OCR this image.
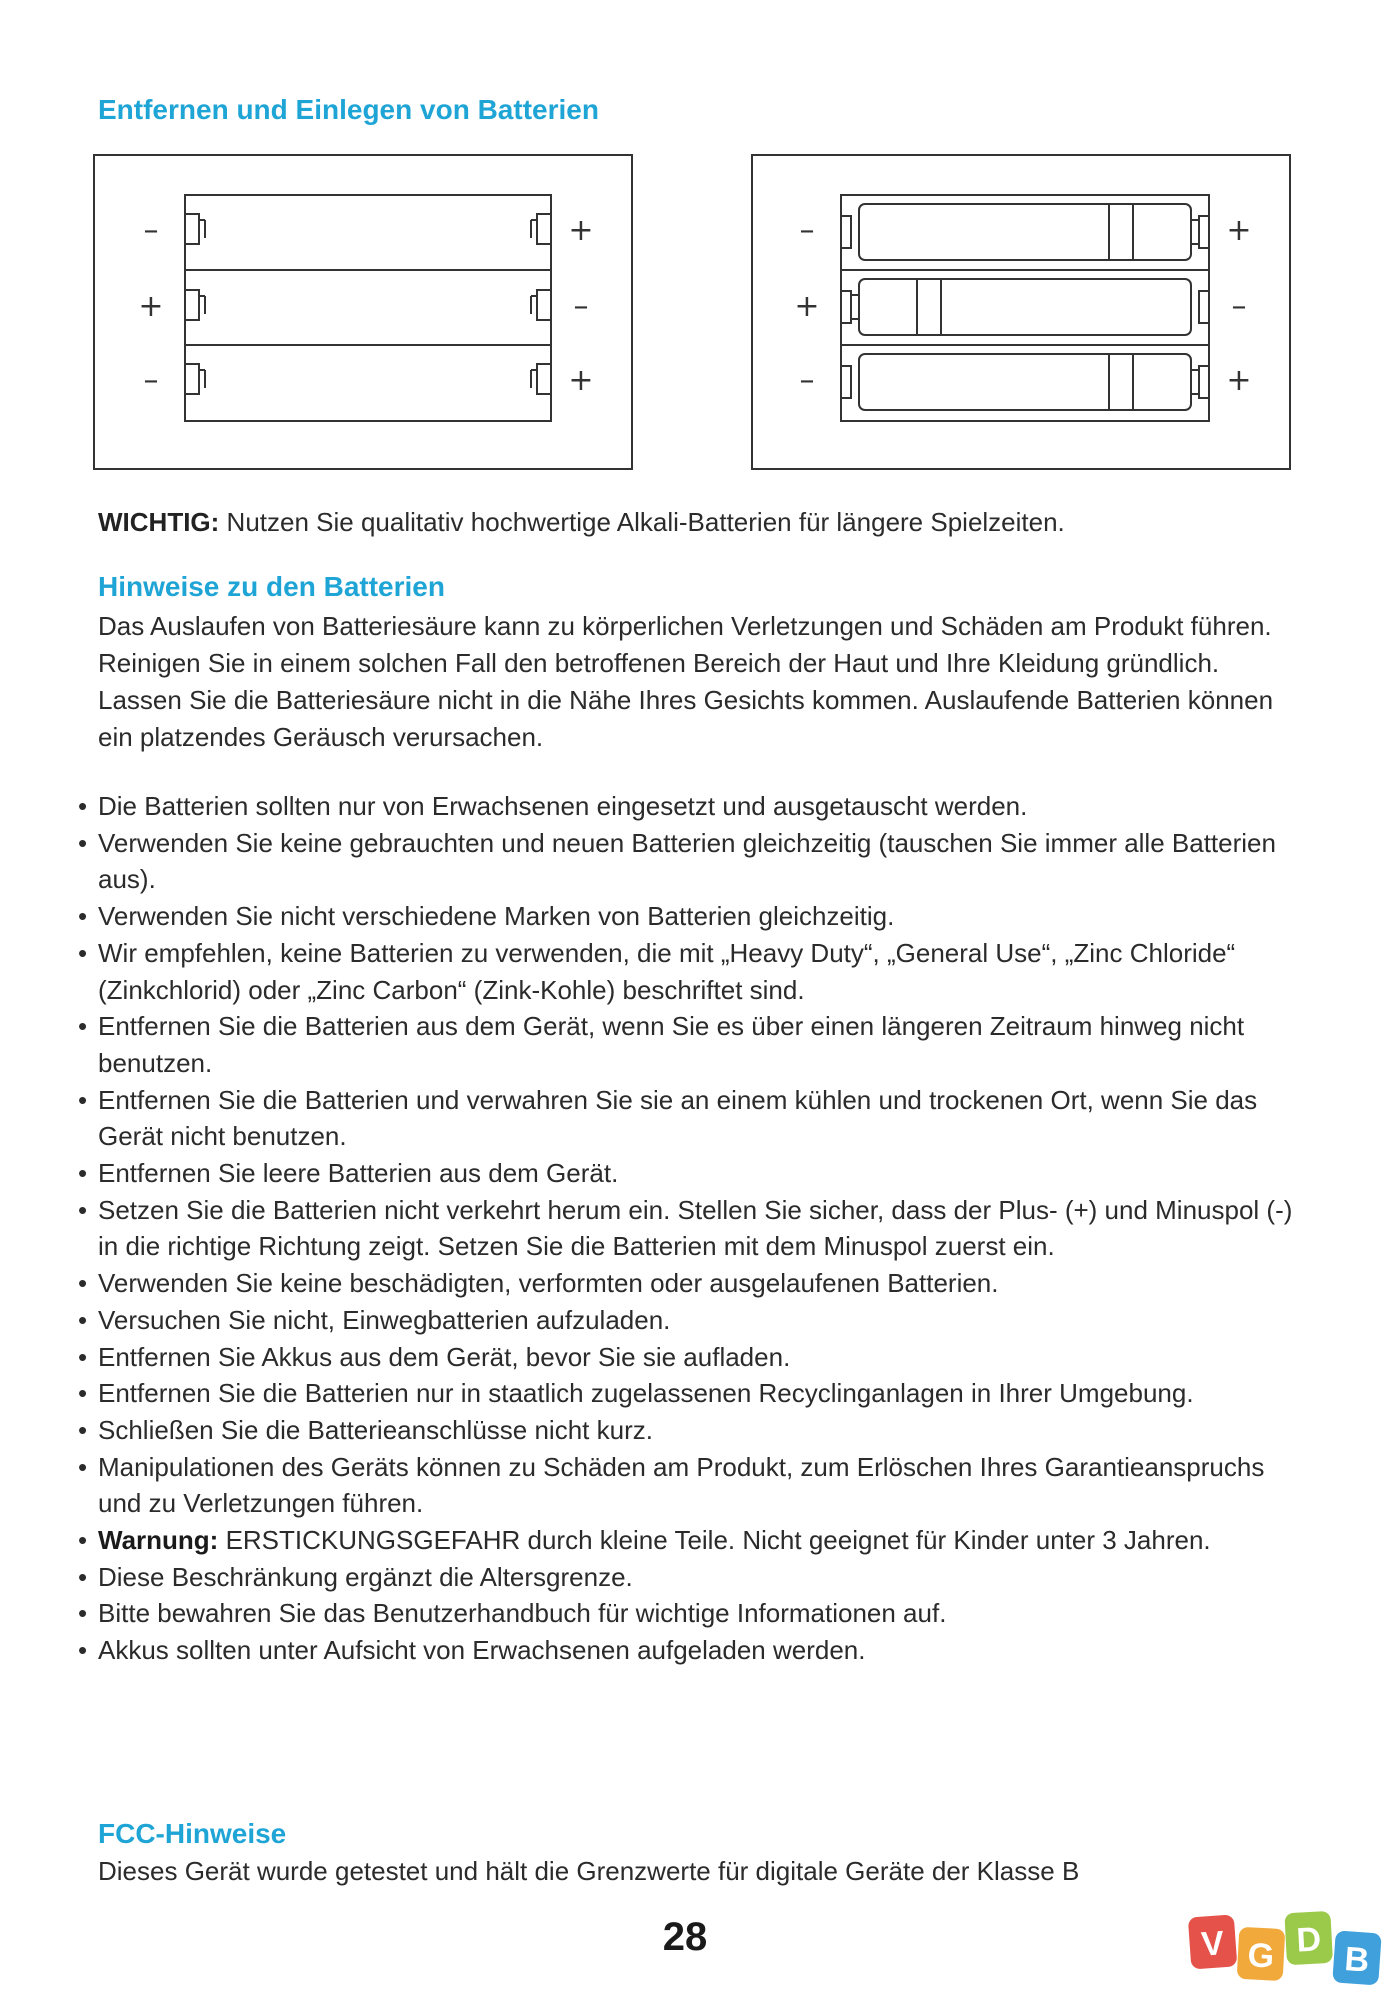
Entfernen und Einlegen von Batterien
–
+
–
+
–
+
–
+
–
+
–
+

WICHTIG: Nutzen Sie qualitativ hochwertige Alkali-Batterien für längere Spielzeiten.

Hinweise zu den Batterien

Das Auslaufen von Batteriesäure kann zu körperlichen Verletzungen und Schäden am Produkt führen. Reinigen Sie in einem solchen Fall den betroffenen Bereich der Haut und Ihre Kleidung gründlich. Lassen Sie die Batteriesäure nicht in die Nähe Ihres Gesichts kommen. Auslaufende Batterien können ein platzendes Geräusch verursachen.

• Die Batterien sollten nur von Erwachsenen eingesetzt und ausgetauscht werden.
• Verwenden Sie keine gebrauchten und neuen Batterien gleichzeitig (tauschen Sie immer alle Batterien aus).
• Verwenden Sie nicht verschiedene Marken von Batterien gleichzeitig.
• Wir empfehlen, keine Batterien zu verwenden, die mit „Heavy Duty“, „General Use“, „Zinc Chloride“ (Zinkchlorid) oder „Zinc Carbon“ (Zink-Kohle) beschriftet sind.
• Entfernen Sie die Batterien aus dem Gerät, wenn Sie es über einen längeren Zeitraum hinweg nicht benutzen.
• Entfernen Sie die Batterien und verwahren Sie sie an einem kühlen und trockenen Ort, wenn Sie das Gerät nicht benutzen.
• Entfernen Sie leere Batterien aus dem Gerät.
• Setzen Sie die Batterien nicht verkehrt herum ein. Stellen Sie sicher, dass der Plus- (+) und Minuspol (-) in die richtige Richtung zeigt. Setzen Sie die Batterien mit dem Minuspol zuerst ein.
• Verwenden Sie keine beschädigten, verformten oder ausgelaufenen Batterien.
• Versuchen Sie nicht, Einwegbatterien aufzuladen.
• Entfernen Sie Akkus aus dem Gerät, bevor Sie sie aufladen.
• Entfernen Sie die Batterien nur in staatlich zugelassenen Recyclinganlagen in Ihrer Umgebung.
• Schließen Sie die Batterieanschlüsse nicht kurz.
• Manipulationen des Geräts können zu Schäden am Produkt, zum Erlöschen Ihres Garantieanspruchs und zu Verletzungen führen.
• Warnung: ERSTICKUNGSGEFAHR durch kleine Teile. Nicht geeignet für Kinder unter 3 Jahren.
• Diese Beschränkung ergänzt die Altersgrenze.
• Bitte bewahren Sie das Benutzerhandbuch für wichtige Informationen auf.
• Akkus sollten unter Aufsicht von Erwachsenen aufgeladen werden.
FCC-Hinweise

Dieses Gerät wurde getestet und hält die Grenzwerte für digitale Geräte der Klasse B

28	V G D
B
